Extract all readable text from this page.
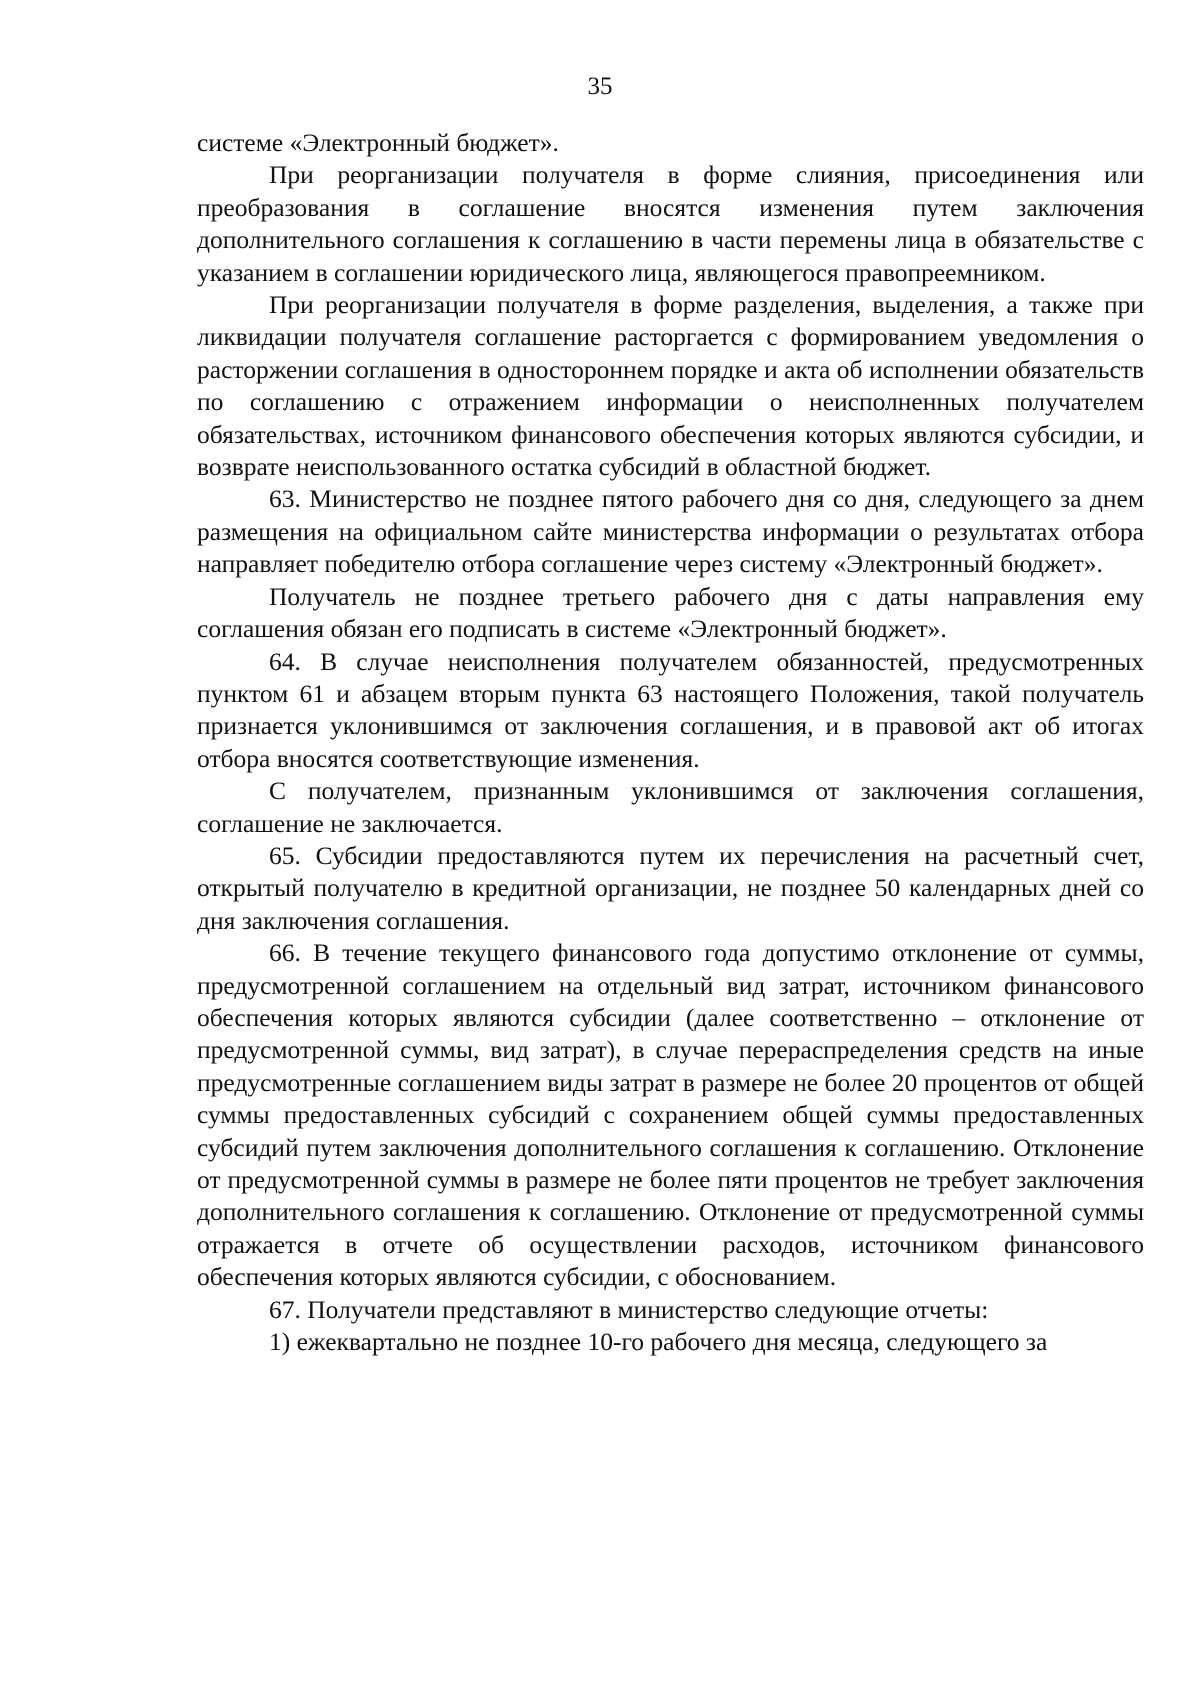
35

системе «Электронный бюджет».

При реорганизации получателя в форме слияния, присоединения или преобразования в соглашение вносятся изменения путем заключения дополнительного соглашения к соглашению в части перемены лица в обязательстве с указанием в соглашении юридического лица, являющегося правопреемником.

При реорганизации получателя в форме разделения, выделения, а также при ликвидации получателя соглашение расторгается с формированием уведомления о расторжении соглашения в одностороннем порядке и акта об исполнении обязательств по соглашению с отражением информации о неисполненных получателем обязательствах, источником финансового обеспечения которых являются субсидии, и возврате неиспользованного остатка субсидий в областной бюджет.

63. Министерство не позднее пятого рабочего дня со дня, следующего за днем размещения на официальном сайте министерства информации о результатах отбора направляет победителю отбора соглашение через систему «Электронный бюджет».

Получатель не позднее третьего рабочего дня с даты направления ему соглашения обязан его подписать в системе «Электронный бюджет».

64. В случае неисполнения получателем обязанностей, предусмотренных пунктом 61 и абзацем вторым пункта 63 настоящего Положения, такой получатель признается уклонившимся от заключения соглашения, и в правовой акт об итогах отбора вносятся соответствующие изменения.

С получателем, признанным уклонившимся от заключения соглашения, соглашение не заключается.

65. Субсидии предоставляются путем их перечисления на расчетный счет, открытый получателю в кредитной организации, не позднее 50 календарных дней со дня заключения соглашения.

66. В течение текущего финансового года допустимо отклонение от суммы, предусмотренной соглашением на отдельный вид затрат, источником финансового обеспечения которых являются субсидии (далее соответственно – отклонение от предусмотренной суммы, вид затрат), в случае перераспределения средств на иные предусмотренные соглашением виды затрат в размере не более 20 процентов от общей суммы предоставленных субсидий с сохранением общей суммы предоставленных субсидий путем заключения дополнительного соглашения к соглашению. Отклонение от предусмотренной суммы в размере не более пяти процентов не требует заключения дополнительного соглашения к соглашению. Отклонение от предусмотренной суммы отражается в отчете об осуществлении расходов, источником финансового обеспечения которых являются субсидии, с обоснованием.

67. Получатели представляют в министерство следующие отчеты:

1) ежеквартально не позднее 10-го рабочего дня месяца, следующего за
